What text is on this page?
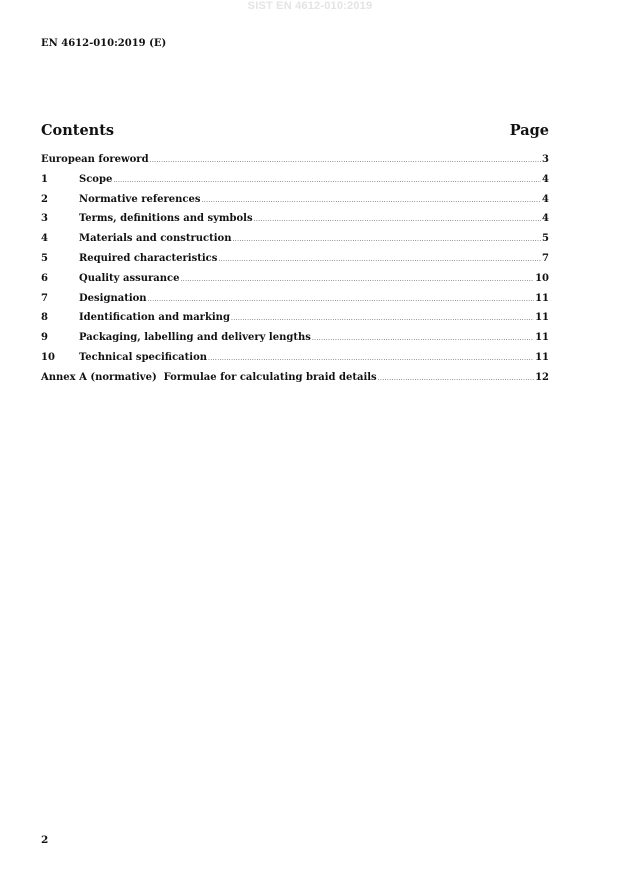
SIST EN 4612-010:2019
EN 4612-010:2019 (E)
Contents	Page
European foreword .....	3
1	Scope .....	4
2	Normative references .....	4
3	Terms, definitions and symbols .....	4
4	Materials and construction .....	5
5	Required characteristics .....	7
6	Quality assurance .....	10
7	Designation .....	11
8	Identification and marking .....	11
9	Packaging, labelling and delivery lengths .....	11
10	Technical specification .....	11
Annex A (normative)  Formulae for calculating braid details .....	12
2
